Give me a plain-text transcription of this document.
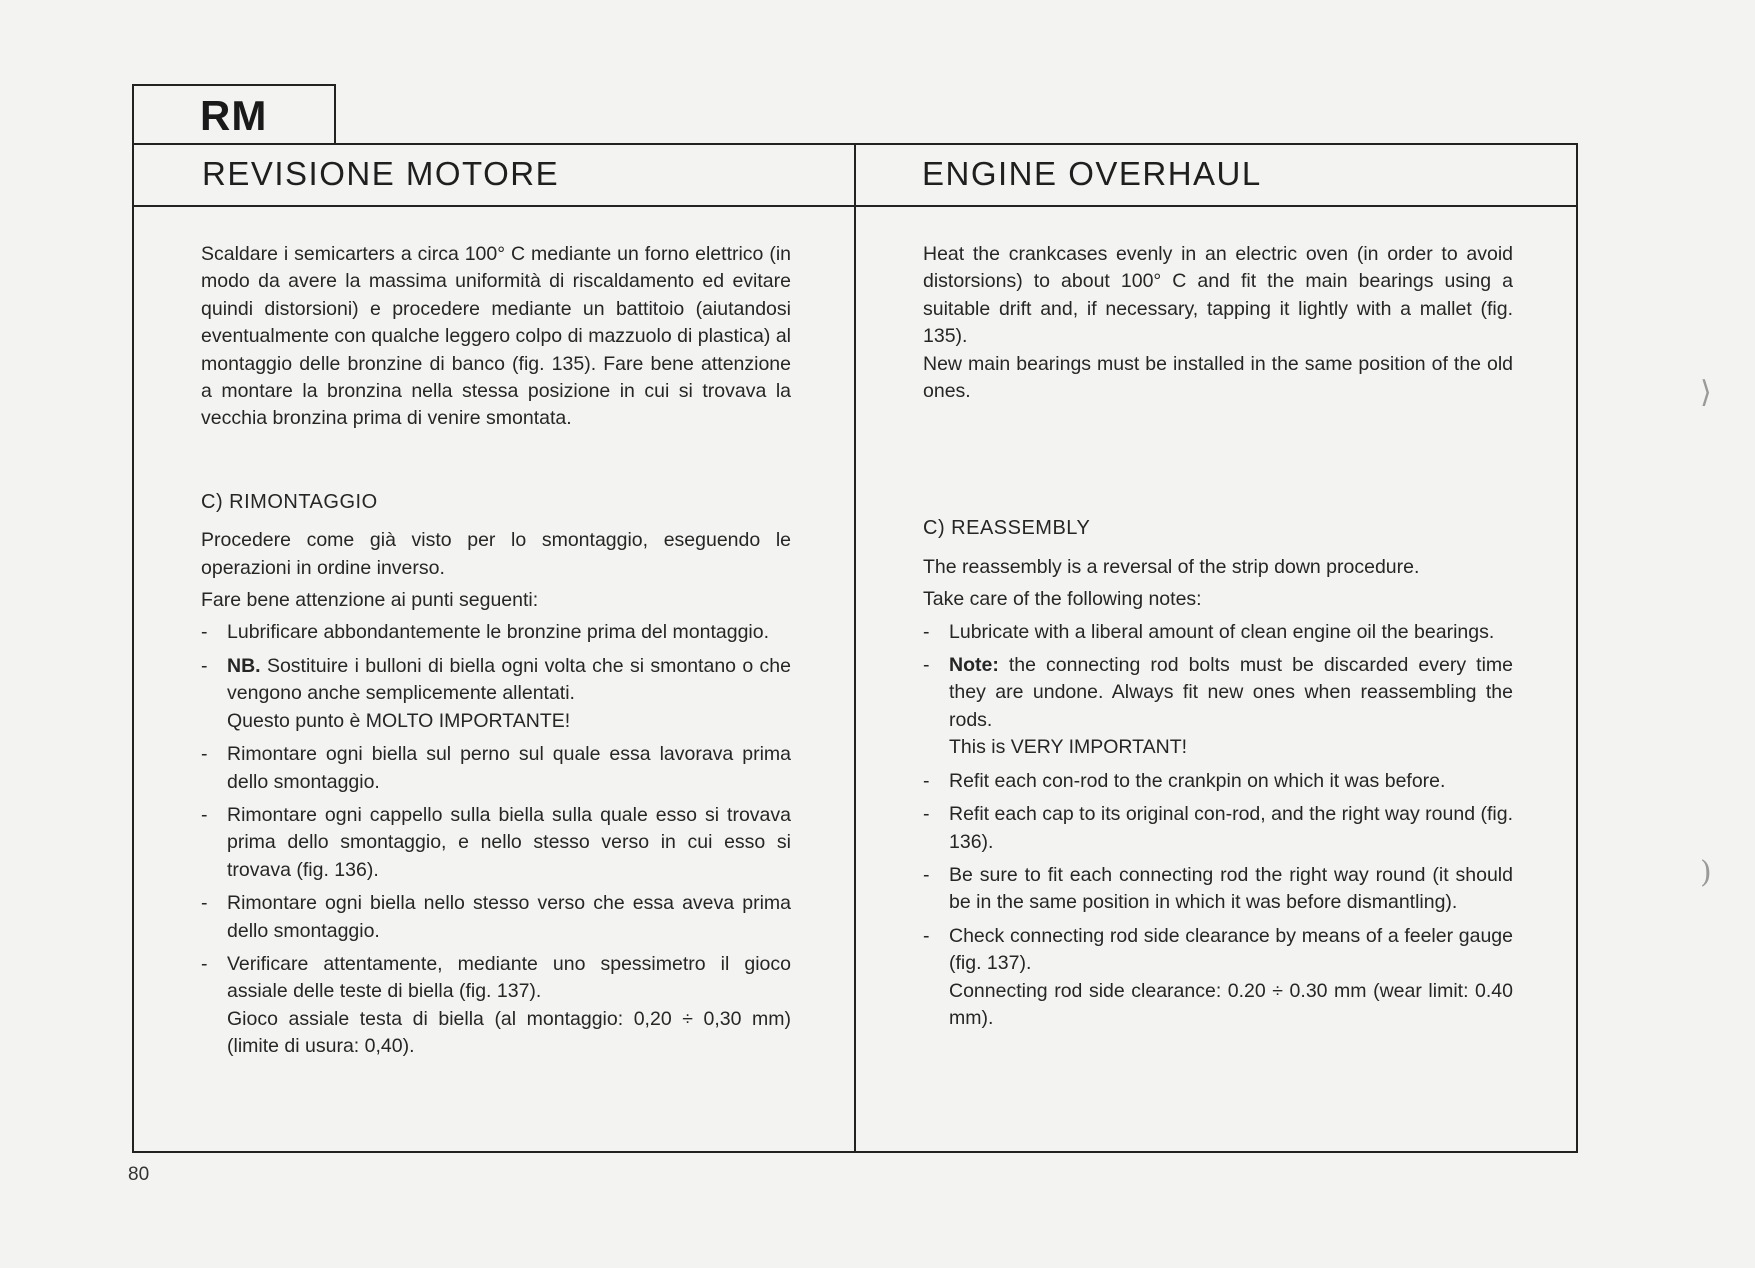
RM
REVISIONE MOTORE	ENGINE OVERHAUL

Scaldare i semicarters a circa 100° C mediante un forno elettrico (in modo da avere la massima uniformità di riscaldamento ed evitare quindi distorsioni) e procedere mediante un battitoio (aiutandosi eventualmente con qualche leggero colpo di mazzuolo di plastica) al montaggio delle bronzine di banco (fig. 135). Fare bene attenzione a montare la bronzina nella stessa posizione in cui si trovava la vecchia bronzina prima di venire smontata.

C) RIMONTAGGIO

Procedere come già visto per lo smontaggio, eseguendo le operazioni in ordine inverso.

Fare bene attenzione ai punti seguenti:

- Lubrificare abbondantemente le bronzine prima del montaggio.
- NB. Sostituire i bulloni di biella ogni volta che si smontano o che vengono anche semplicemente allentati.
Questo punto è MOLTO IMPORTANTE!
- Rimontare ogni biella sul perno sul quale essa lavorava prima dello smontaggio.
- Rimontare ogni cappello sulla biella sulla quale esso si trovava prima dello smontaggio, e nello stesso verso in cui esso si trovava (fig. 136).
- Rimontare ogni biella nello stesso verso che essa aveva prima dello smontaggio.
- Verificare attentamente, mediante uno spessimetro il gioco assiale delle teste di biella (fig. 137).
Gioco assiale testa di biella (al montaggio: 0,20 ÷ 0,30 mm) (limite di usura: 0,40).

Heat the crankcases evenly in an electric oven (in order to avoid distorsions) to about 100° C and fit the main bearings using a suitable drift and, if necessary, tapping it lightly with a mallet (fig. 135).

New main bearings must be installed in the same position of the old ones.

C) REASSEMBLY

The reassembly is a reversal of the strip down procedure.

Take care of the following notes:

- Lubricate with a liberal amount of clean engine oil the bearings.
- Note: the connecting rod bolts must be discarded every time they are undone. Always fit new ones when reassembling the rods.
This is VERY IMPORTANT!
- Refit each con-rod to the crankpin on which it was before.
- Refit each cap to its original con-rod, and the right way round (fig. 136).
- Be sure to fit each connecting rod the right way round (it should be in the same position in which it was before dismantling).
- Check connecting rod side clearance by means of a feeler gauge (fig. 137).
Connecting rod side clearance: 0.20 ÷ 0.30 mm (wear limit: 0.40 mm).
80
⟩
)
